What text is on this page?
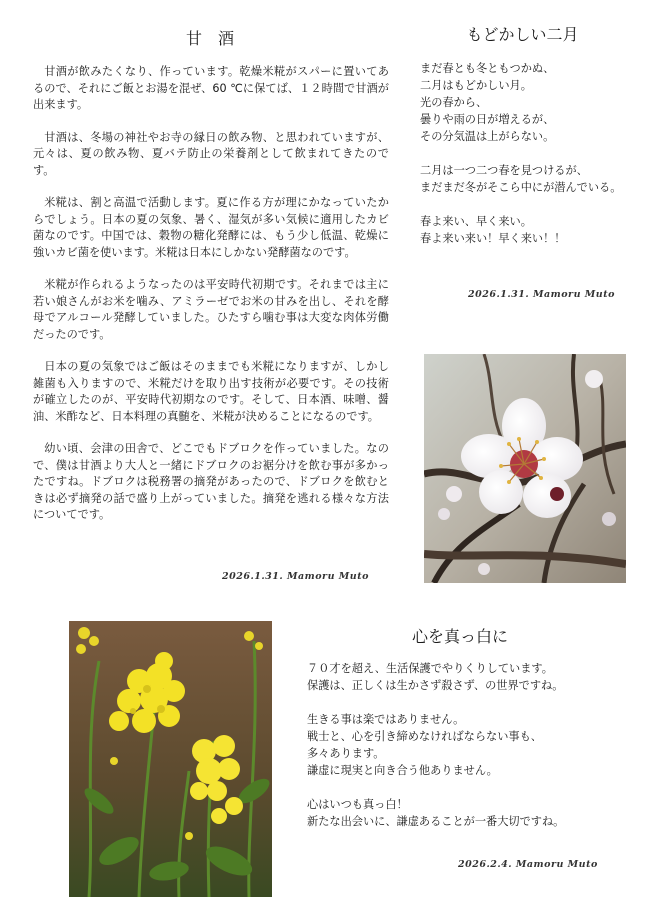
甘　酒

甘酒が飲みたくなり、作っています。乾燥米糀がスパーに置いてあるので、それにご飯とお湯を混ぜ、60 ℃に保てば、１２時間で甘酒が出来ます。

甘酒は、冬場の神社やお寺の縁日の飲み物、と思われていますが、元々は、夏の飲み物、夏バテ防止の栄養剤として飲まれてきたのです。

米糀は、割と高温で活動します。夏に作る方が理にかなっていたからでしょう。日本の夏の気象、暑く、湿気が多い気候に適用したカビ菌なのです。中国では、穀物の糖化発酵には、もう少し低温、乾燥に強いカビ菌を使います。米糀は日本にしかない発酵菌なのです。

米糀が作られるようなったのは平安時代初期です。それまでは主に若い娘さんがお米を噛み、アミラーゼでお米の甘みを出し、それを酵母でアルコール発酵していました。ひたすら噛む事は大変な肉体労働だったのです。

日本の夏の気象ではご飯はそのままでも米糀になりますが、しかし雑菌も入りますので、米糀だけを取り出す技術が必要です。その技術が確立したのが、平安時代初期なのです。そして、日本酒、味噌、醤油、米酢など、日本料理の真髄を、米糀が決めることになるのです。

幼い頃、会津の田舎で、どこでもドブロクを作っていました。なので、僕は甘酒より大人と一緒にドブロクのお裾分けを飲む事が多かったですね。ドブロクは税務署の摘発があったので、ドブロクを飲むときは必ず摘発の話で盛り上がっていました。摘発を逃れる様々な方法についてです。

2026.1.31. Mamoru Muto
もどかしい二月
まだ春とも冬ともつかぬ、
二月はもどかしい月。
光の春から、
曇りや雨の日が増えるが、
その分気温は上がらない。
二月は一つ二つ春を見つけるが、
まだまだ冬がそこら中にが潜んでいる。
春よ来い、早く来い。
春よ来い来い！早く来い！！
2026.1.31. Mamoru Muto
心を真っ白に
７０才を超え、生活保護でやりくりしています。
保護は、正しくは生かさず殺さず、の世界ですね。
生きる事は楽ではありません。
戦士と、心を引き締めなければならない事も、
多々あります。
謙虚に現実と向き合う他ありません。
心はいつも真っ白！
新たな出会いに、謙虚あることが一番大切ですね。
2026.2.4. Mamoru Muto
